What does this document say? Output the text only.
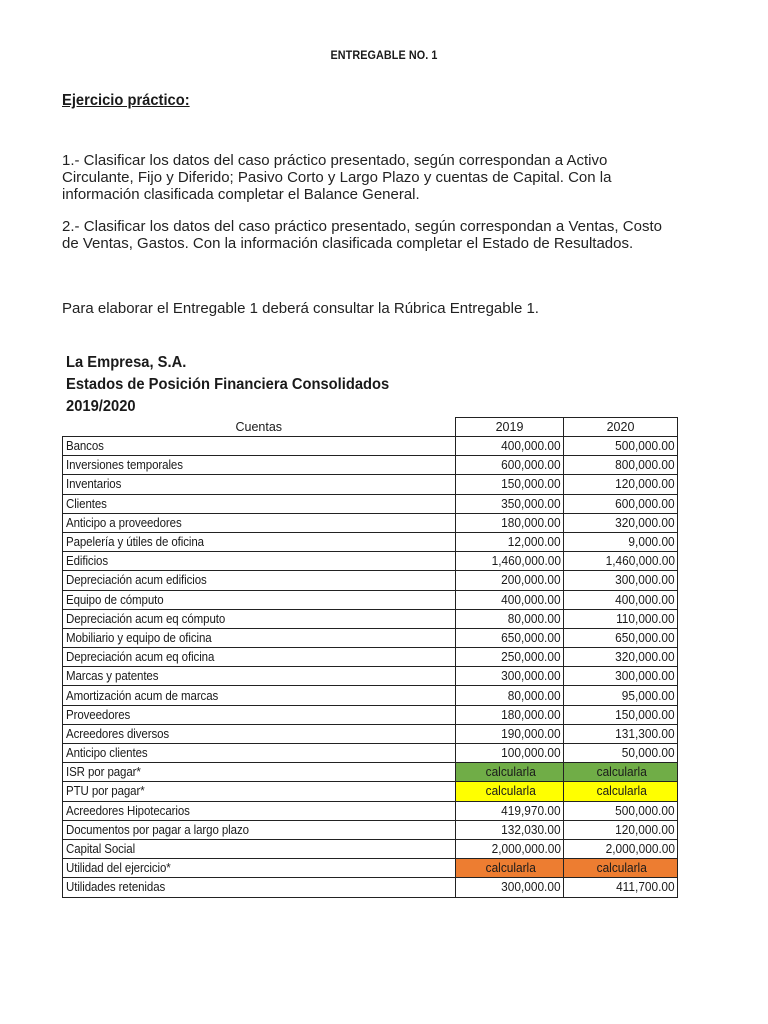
ENTREGABLE NO. 1
Ejercicio práctico:
1.- Clasificar los datos del caso práctico presentado, según correspondan a Activo Circulante, Fijo y Diferido; Pasivo Corto y Largo Plazo y cuentas de Capital. Con la información clasificada completar el Balance General.
2.- Clasificar los datos del caso práctico presentado, según correspondan a Ventas, Costo de Ventas, Gastos. Con la información clasificada completar el Estado de Resultados.
Para elaborar el Entregable 1 deberá consultar la Rúbrica Entregable 1.
La Empresa, S.A.
Estados de Posición Financiera Consolidados
2019/2020
Cuentas	2019	2020
Bancos	400,000.00	500,000.00
Inversiones temporales	600,000.00	800,000.00
Inventarios	150,000.00	120,000.00
Clientes	350,000.00	600,000.00
Anticipo a proveedores	180,000.00	320,000.00
Papelería y útiles de oficina	12,000.00	9,000.00
Edificios	1,460,000.00	1,460,000.00
Depreciación acum edificios	200,000.00	300,000.00
Equipo de cómputo	400,000.00	400,000.00
Depreciación acum eq cómputo	80,000.00	110,000.00
Mobiliario y equipo de oficina	650,000.00	650,000.00
Depreciación acum eq oficina	250,000.00	320,000.00
Marcas y patentes	300,000.00	300,000.00
Amortización acum de marcas	80,000.00	95,000.00
Proveedores	180,000.00	150,000.00
Acreedores diversos	190,000.00	131,300.00
Anticipo clientes	100,000.00	50,000.00
ISR por pagar*	calcularla	calcularla
PTU por pagar*	calcularla	calcularla
Acreedores Hipotecarios	419,970.00	500,000.00
Documentos por pagar a largo plazo	132,030.00	120,000.00
Capital Social	2,000,000.00	2,000,000.00
Utilidad del ejercicio*	calcularla	calcularla
Utilidades retenidas	300,000.00	411,700.00
